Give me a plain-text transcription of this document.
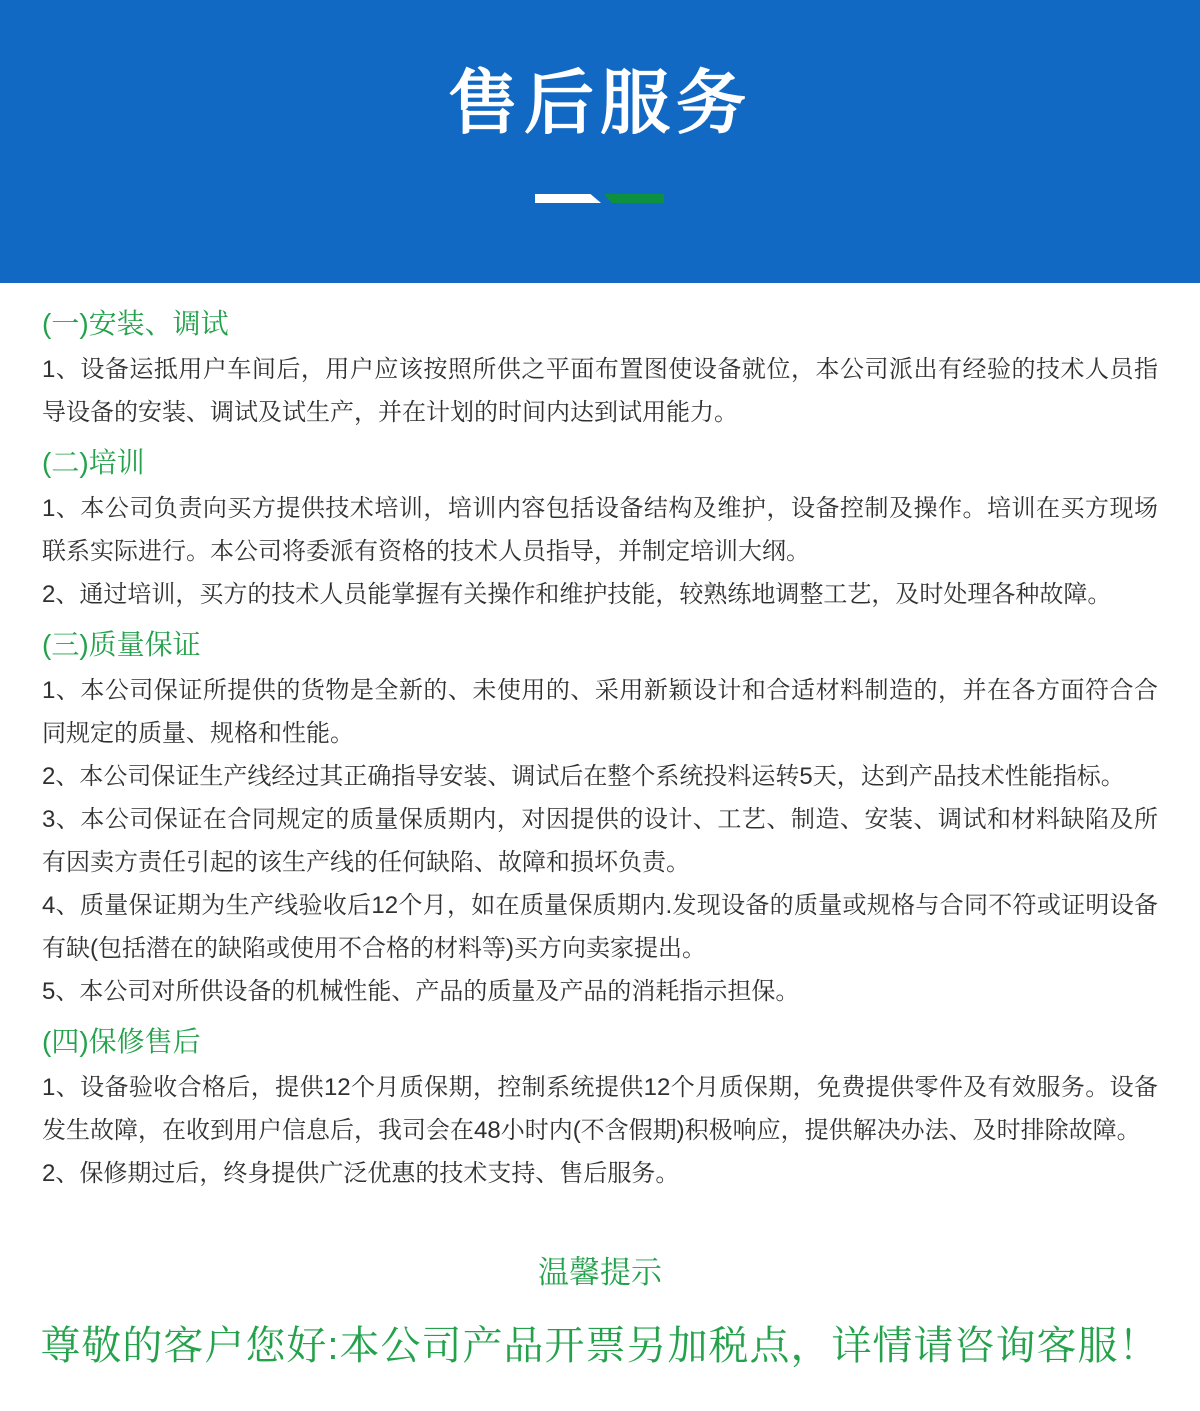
售后服务
(一)安装、调试

1、设备运抵用户车间后，用户应该按照所供之平面布置图使设备就位，本公司派出有经验的技术人员指导设备的安装、调试及试生产，并在计划的时间内达到试用能力。

(二)培训

1、本公司负责向买方提供技术培训，培训内容包括设备结构及维护，设备控制及操作。培训在买方现场联系实际进行。本公司将委派有资格的技术人员指导，并制定培训大纲。

2、通过培训，买方的技术人员能掌握有关操作和维护技能，较熟练地调整工艺，及时处理各种故障。

(三)质量保证

1、本公司保证所提供的货物是全新的、未使用的、采用新颖设计和合适材料制造的，并在各方面符合合同规定的质量、规格和性能。

2、本公司保证生产线经过其正确指导安装、调试后在整个系统投料运转5天，达到产品技术性能指标。

3、本公司保证在合同规定的质量保质期内，对因提供的设计、工艺、制造、安装、调试和材料缺陷及所有因卖方责任引起的该生产线的任何缺陷、故障和损坏负责。

4、质量保证期为生产线验收后12个月，如在质量保质期内.发现设备的质量或规格与合同不符或证明设备有缺(包括潜在的缺陷或使用不合格的材料等)买方向卖家提出。

5、本公司对所供设备的机械性能、产品的质量及产品的消耗指示担保。

(四)保修售后

1、设备验收合格后，提供12个月质保期，控制系统提供12个月质保期，免费提供零件及有效服务。设备发生故障，在收到用户信息后，我司会在48小时内(不含假期)积极响应，提供解决办法、及时排除故障。

2、保修期过后，终身提供广泛优惠的技术支持、售后服务。

温馨提示
尊敬的客户您好:本公司产品开票另加税点，详情请咨询客服！
